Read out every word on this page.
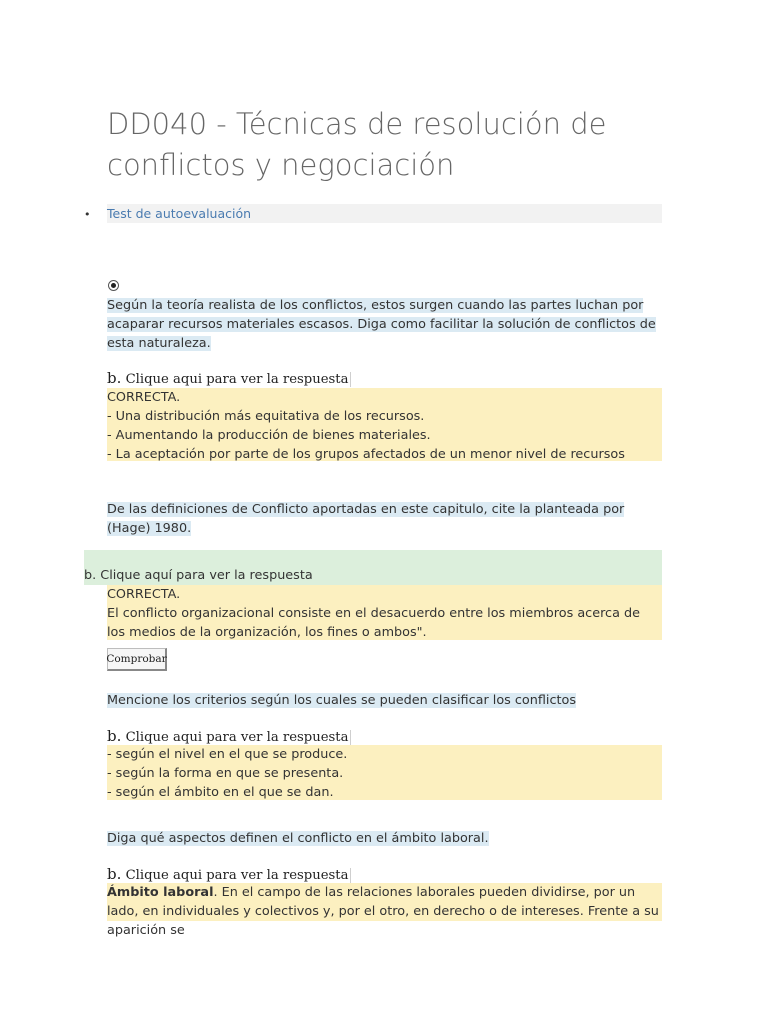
DD040 - Técnicas de resolución de conflictos y negociación
• Test de autoevaluación
Según la teoría realista de los conflictos, estos surgen cuando las partes luchan por acaparar recursos materiales escasos. Diga como facilitar la solución de conflictos de esta naturaleza.
b. Clique aqui para ver la respuesta
CORRECTA.
- Una distribución más equitativa de los recursos.
- Aumentando la producción de bienes materiales.
- La aceptación por parte de los grupos afectados de un menor nivel de recursos
De las definiciones de Conflicto aportadas en este capitulo, cite la planteada por (Hage) 1980.
b. Clique aquí para ver la respuesta
CORRECTA.
El conflicto organizacional consiste en el desacuerdo entre los miembros acerca de los medios de la organización, los fines o ambos".
Comprobar
Mencione los criterios según los cuales se pueden clasificar los conflictos
b. Clique aqui para ver la respuesta
- según el nivel en el que se produce.
- según la forma en que se presenta.
- según el ámbito en el que se dan.
Diga qué aspectos definen el conflicto en el ámbito laboral.
b. Clique aqui para ver la respuesta
Ámbito laboral. En el campo de las relaciones laborales pueden dividirse, por un lado, en individuales y colectivos y, por el otro, en derecho o de intereses. Frente a su aparición se
